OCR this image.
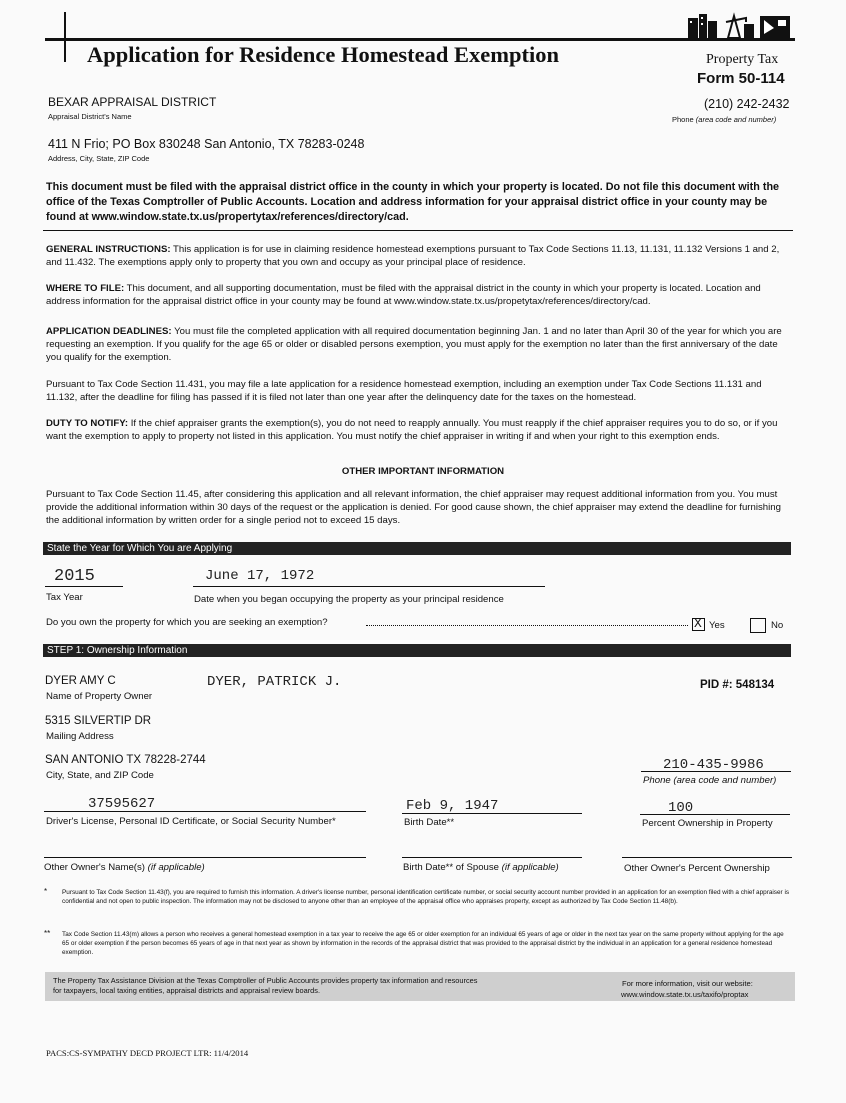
Application for Residence Homestead Exemption	Property Tax
Form 50-114
BEXAR APPRAISAL DISTRICT
Appraisal District's Name
(210) 242-2432
Phone (area code and number)
411 N Frio; PO Box 830248 San Antonio, TX 78283-0248
Address, City, State, ZIP Code
This document must be filed with the appraisal district office in the county in which your property is located. Do not file this document with the office of the Texas Comptroller of Public Accounts. Location and address information for your appraisal district office in your county may be found at www.window.state.tx.us/propertytax/references/directory/cad.
GENERAL INSTRUCTIONS: This application is for use in claiming residence homestead exemptions pursuant to Tax Code Sections 11.13, 11.131, 11.132 Versions 1 and 2, and 11.432. The exemptions apply only to property that you own and occupy as your principal place of residence.
WHERE TO FILE: This document, and all supporting documentation, must be filed with the appraisal district in the county in which your property is located. Location and address information for the appraisal district office in your county may be found at www.window.state.tx.us/propetytax/references/directory/cad.
APPLICATION DEADLINES: You must file the completed application with all required documentation beginning Jan. 1 and no later than April 30 of the year for which you are requesting an exemption. If you qualify for the age 65 or older or disabled persons exemption, you must apply for the exemption no later than the first anniversary of the date you qualify for the exemption.
Pursuant to Tax Code Section 11.431, you may file a late application for a residence homestead exemption, including an exemption under Tax Code Sections 11.131 and 11.132, after the deadline for filing has passed if it is filed not later than one year after the delinquency date for the taxes on the homestead.
DUTY TO NOTIFY: If the chief appraiser grants the exemption(s), you do not need to reapply annually. You must reapply if the chief appraiser requires you to do so, or if you want the exemption to apply to property not listed in this application. You must notify the chief appraiser in writing if and when your right to this exemption ends.
OTHER IMPORTANT INFORMATION
Pursuant to Tax Code Section 11.45, after considering this application and all relevant information, the chief appraiser may request additional information from you. You must provide the additional information within 30 days of the request or the application is denied. For good cause shown, the chief appraiser may extend the deadline for furnishing the additional information by written order for a single period not to exceed 15 days.
State the Year for Which You are Applying
2015
Tax Year
June 17, 1972
Date when you began occupying the property as your principal residence
Do you own the property for which you are seeking an exemption?	X Yes	No
STEP 1: Ownership Information
DYER AMY C	DYER, PATRICK J.
Name of Property Owner
PID #: 548134
5315 SILVERTIP DR
Mailing Address
SAN ANTONIO TX 78228-2744
City, State, and ZIP Code
210-435-9986
Phone (area code and number)
37595627
Driver's License, Personal ID Certificate, or Social Security Number*
Feb 9, 1947
Birth Date**
100
Percent Ownership in Property
Other Owner's Name(s) (if applicable)	Birth Date** of Spouse (if applicable)	Other Owner's Percent Ownership
* Pursuant to Tax Code Section 11.43(f), you are required to furnish this information. A driver's license number, personal identification certificate number, or social security account number provided in an application for an exemption filed with a chief appraiser is confidential and not open to public inspection. The information may not be disclosed to anyone other than an employee of the appraisal office who appraises property, except as authorized by Tax Code Section 11.48(b).
** Tax Code Section 11.43(m) allows a person who receives a general homestead exemption in a tax year to receive the age 65 or older exemption for an individual 65 years of age or older in the next tax year on the same property without applying for the age 65 or older exemption if the person becomes 65 years of age in that next year as shown by information in the records of the appraisal district that was provided to the appraisal district by the individual in an application for a general residence homestead exemption.
The Property Tax Assistance Division at the Texas Comptroller of Public Accounts provides property tax information and resources for taxpayers, local taxing entities, appraisal districts and appraisal review boards.
For more information, visit our website:
www.window.state.tx.us/taxifo/proptax
PACS:CS-SYMPATHY DECD PROJECT LTR: 11/4/2014
